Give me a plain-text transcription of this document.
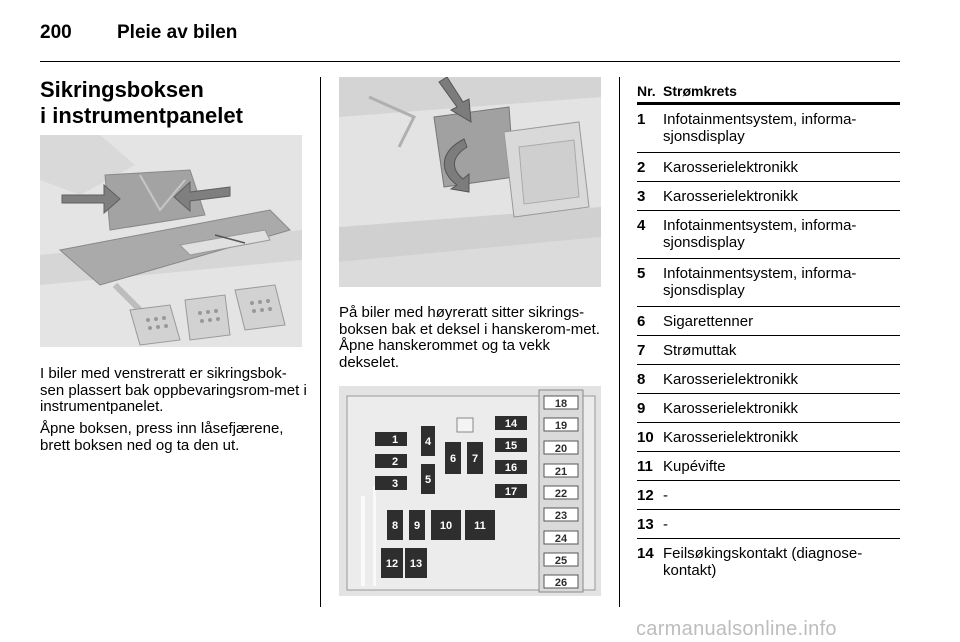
200 Pleie av bilen
Sikringsboksen
i instrumentpanelet
I biler med venstreratt er sikringsbok-sen plassert bak oppbevaringsrom-met i instrumentpanelet.
Åpne boksen, press inn låsefjærene, brett boksen ned og ta den ut.
På biler med høyreratt sitter sikrings-boksen bak et deksel i hanskerom-met. Åpne hanskerommet og ta vekk dekselet.
1
2
3
4
5
6 7
8 9 10 11
12 13
14
15
16
17
18
19
20
21
22
23
24
25
26
Nr. Strømkrets
1 Infotainmentsystem, informa-sjonsdisplay
2 Karosserielektronikk
3 Karosserielektronikk
4 Infotainmentsystem, informa-sjonsdisplay
5 Infotainmentsystem, informa-sjonsdisplay
6 Sigarettenner
7 Strømuttak
8 Karosserielektronikk
9 Karosserielektronikk
10 Karosserielektronikk
11 Kupévifte
12 -
13 -
14 Feilsøkingskontakt (diagnose-kontakt)
carmanualsonline.info
